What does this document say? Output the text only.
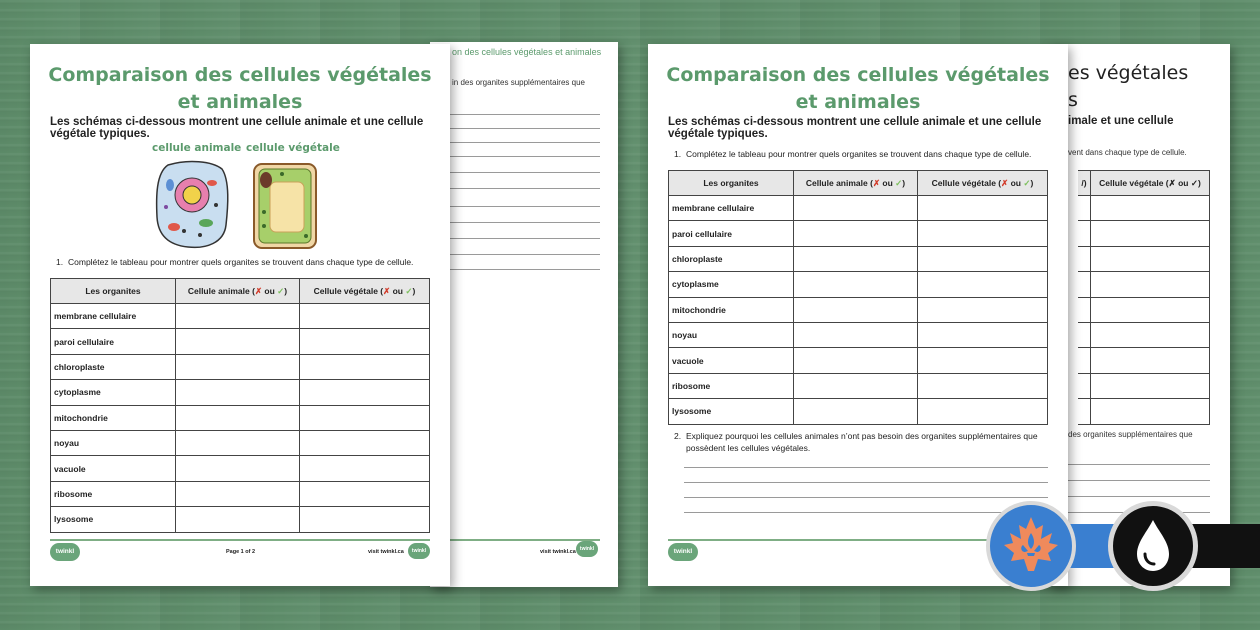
on des cellules végétales et animales
in des organites supplémentaires que
visit twinkl.ca twinkl
Comparaison des cellules végétales
et animales
Les schémas ci-dessous montrent une cellule animale et une cellule
végétale typiques.
cellule animale cellule végétale
1. Complétez le tableau pour montrer quels organites se trouvent dans chaque type de cellule.
Les organites	Cellule animale (✗ ou ✓)	Cellule végétale (✗ ou ✓)
membrane cellulaire		
paroi cellulaire		
chloroplaste		
cytoplasme		
mitochondrie		
noyau		
vacuole		
ribosome		
lysosome		
twinkl	Page 1 of 2	visit twinkl.ca	twinkl
es végétales
s
imale et une cellule
vent dans chaque type de cellule.
/)	Cellule végétale (✗ ou ✓)

des organites supplémentaires que
Comparaison des cellules végétales
et animales
Les schémas ci-dessous montrent une cellule animale et une cellule
végétale typiques.
1. Complétez le tableau pour montrer quels organites se trouvent dans chaque type de cellule.
Les organites	Cellule animale (✗ ou ✓)	Cellule végétale (✗ ou ✓)
membrane cellulaire		
paroi cellulaire		
chloroplaste		
cytoplasme		
mitochondrie		
noyau		
vacuole		
ribosome		
lysosome		
2. Expliquez pourquoi les cellules animales n’ont pas besoin des organites supplémentaires que
possèdent les cellules végétales.
twinkl
